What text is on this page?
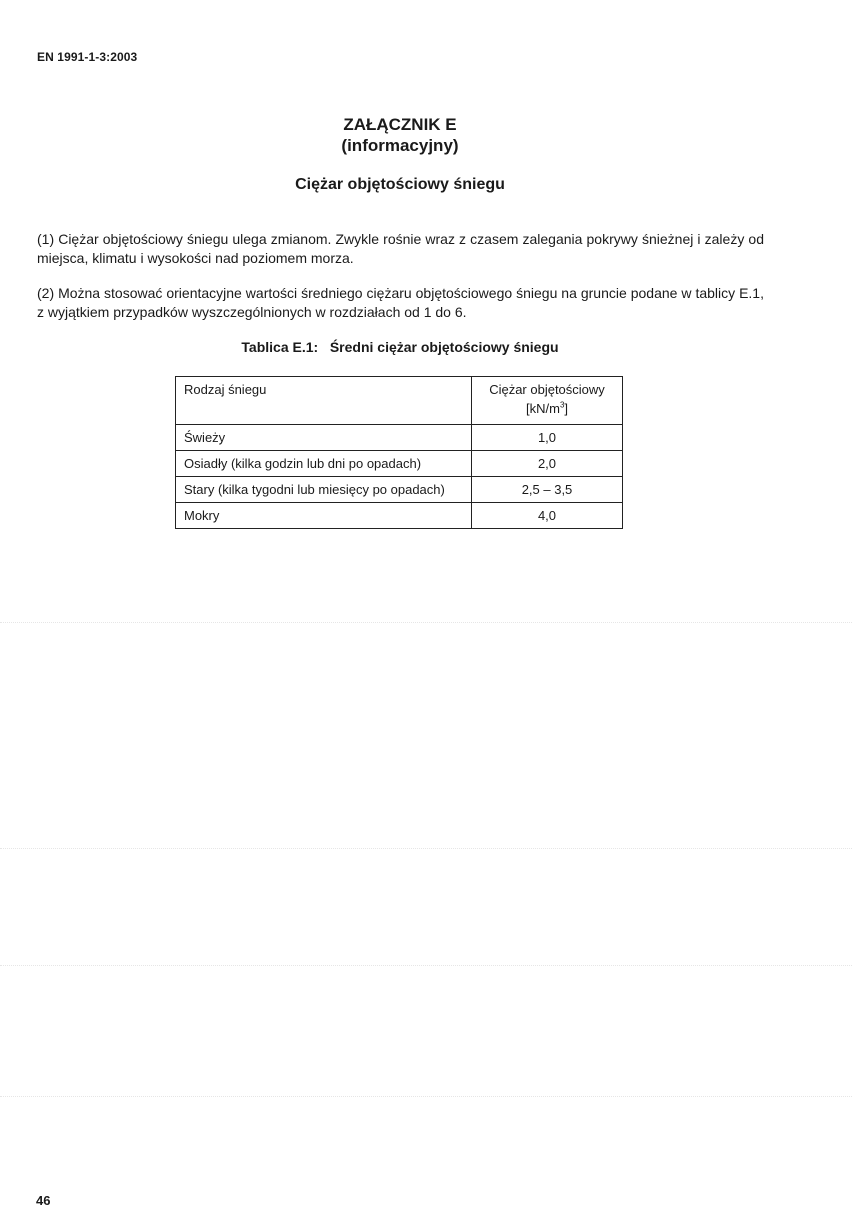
EN 1991-1-3:2003
ZAŁĄCZNIK E
(informacyjny)
Ciężar objętościowy śniegu
(1) Ciężar objętościowy śniegu ulega zmianom. Zwykle rośnie wraz z czasem zalegania pokrywy śnieżnej i zależy od miejsca, klimatu i wysokości nad poziomem morza.
(2) Można stosować orientacyjne wartości średniego ciężaru objętościowego śniegu na gruncie podane w tablicy E.1, z wyjątkiem przypadków wyszczególnionych w rozdziałach od 1 do 6.
Tablica E.1:   Średni ciężar objętościowy śniegu
Rodzaj śniegu	Ciężar objętościowy
$[kN/m^3]$
Świeży	1,0
Osiadły (kilka godzin lub dni po opadach)	2,0
Stary (kilka tygodni lub miesięcy po opadach)	2,5 – 3,5
Mokry	4,0
46
